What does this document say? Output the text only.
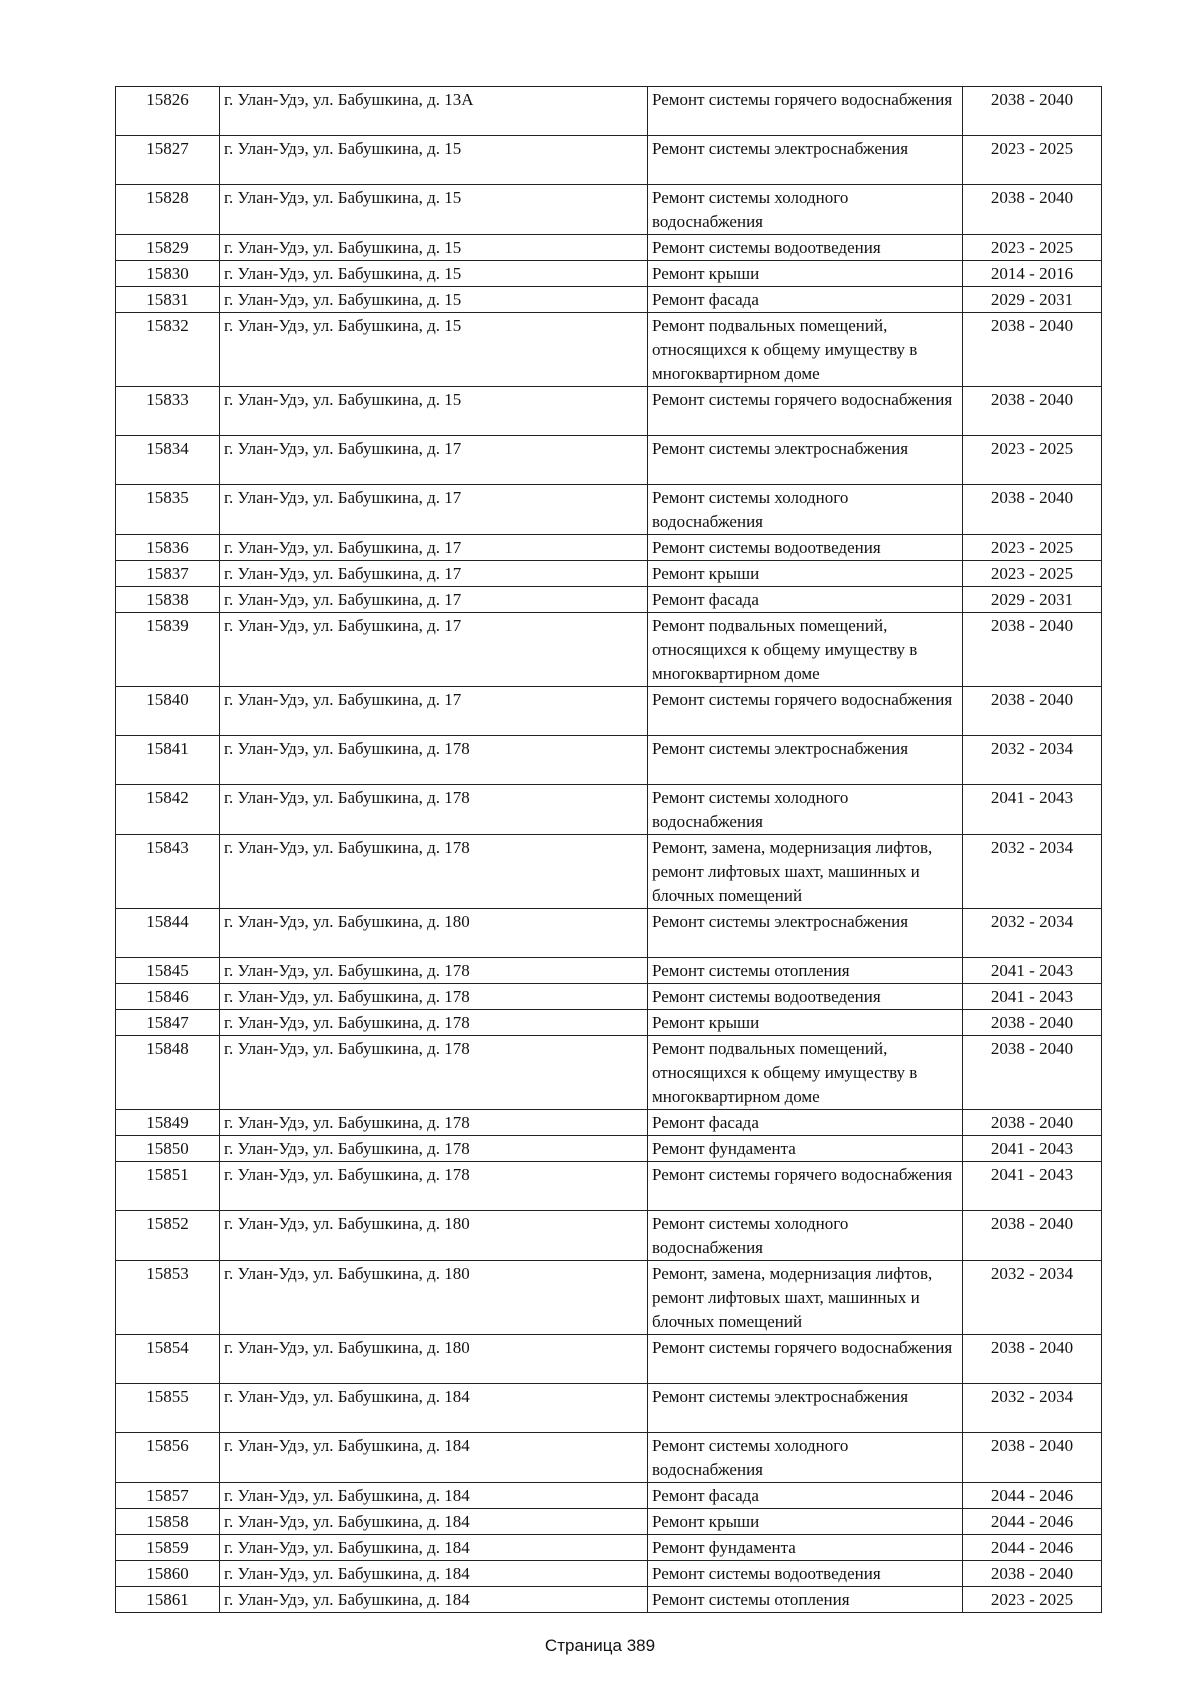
15826	г. Улан-Удэ, ул. Бабушкина, д. 13А	Ремонт системы горячего водоснабжения	2038 - 2040
15827	г. Улан-Удэ, ул. Бабушкина, д. 15	Ремонт системы электроснабжения	2023 - 2025
15828	г. Улан-Удэ, ул. Бабушкина, д. 15	Ремонт системы холодного водоснабжения	2038 - 2040
15829	г. Улан-Удэ, ул. Бабушкина, д. 15	Ремонт системы водоотведения	2023 - 2025
15830	г. Улан-Удэ, ул. Бабушкина, д. 15	Ремонт крыши	2014 - 2016
15831	г. Улан-Удэ, ул. Бабушкина, д. 15	Ремонт фасада	2029 - 2031
15832	г. Улан-Удэ, ул. Бабушкина, д. 15	Ремонт подвальных помещений, относящихся к общему имуществу в многоквартирном доме	2038 - 2040
15833	г. Улан-Удэ, ул. Бабушкина, д. 15	Ремонт системы горячего водоснабжения	2038 - 2040
15834	г. Улан-Удэ, ул. Бабушкина, д. 17	Ремонт системы электроснабжения	2023 - 2025
15835	г. Улан-Удэ, ул. Бабушкина, д. 17	Ремонт системы холодного водоснабжения	2038 - 2040
15836	г. Улан-Удэ, ул. Бабушкина, д. 17	Ремонт системы водоотведения	2023 - 2025
15837	г. Улан-Удэ, ул. Бабушкина, д. 17	Ремонт крыши	2023 - 2025
15838	г. Улан-Удэ, ул. Бабушкина, д. 17	Ремонт фасада	2029 - 2031
15839	г. Улан-Удэ, ул. Бабушкина, д. 17	Ремонт подвальных помещений, относящихся к общему имуществу в многоквартирном доме	2038 - 2040
15840	г. Улан-Удэ, ул. Бабушкина, д. 17	Ремонт системы горячего водоснабжения	2038 - 2040
15841	г. Улан-Удэ, ул. Бабушкина, д. 178	Ремонт системы электроснабжения	2032 - 2034
15842	г. Улан-Удэ, ул. Бабушкина, д. 178	Ремонт системы холодного водоснабжения	2041 - 2043
15843	г. Улан-Удэ, ул. Бабушкина, д. 178	Ремонт, замена, модернизация лифтов, ремонт лифтовых шахт, машинных и блочных помещений	2032 - 2034
15844	г. Улан-Удэ, ул. Бабушкина, д. 180	Ремонт системы электроснабжения	2032 - 2034
15845	г. Улан-Удэ, ул. Бабушкина, д. 178	Ремонт системы отопления	2041 - 2043
15846	г. Улан-Удэ, ул. Бабушкина, д. 178	Ремонт системы водоотведения	2041 - 2043
15847	г. Улан-Удэ, ул. Бабушкина, д. 178	Ремонт крыши	2038 - 2040
15848	г. Улан-Удэ, ул. Бабушкина, д. 178	Ремонт подвальных помещений, относящихся к общему имуществу в многоквартирном доме	2038 - 2040
15849	г. Улан-Удэ, ул. Бабушкина, д. 178	Ремонт фасада	2038 - 2040
15850	г. Улан-Удэ, ул. Бабушкина, д. 178	Ремонт фундамента	2041 - 2043
15851	г. Улан-Удэ, ул. Бабушкина, д. 178	Ремонт системы горячего водоснабжения	2041 - 2043
15852	г. Улан-Удэ, ул. Бабушкина, д. 180	Ремонт системы холодного водоснабжения	2038 - 2040
15853	г. Улан-Удэ, ул. Бабушкина, д. 180	Ремонт, замена, модернизация лифтов, ремонт лифтовых шахт, машинных и блочных помещений	2032 - 2034
15854	г. Улан-Удэ, ул. Бабушкина, д. 180	Ремонт системы горячего водоснабжения	2038 - 2040
15855	г. Улан-Удэ, ул. Бабушкина, д. 184	Ремонт системы электроснабжения	2032 - 2034
15856	г. Улан-Удэ, ул. Бабушкина, д. 184	Ремонт системы холодного водоснабжения	2038 - 2040
15857	г. Улан-Удэ, ул. Бабушкина, д. 184	Ремонт фасада	2044 - 2046
15858	г. Улан-Удэ, ул. Бабушкина, д. 184	Ремонт крыши	2044 - 2046
15859	г. Улан-Удэ, ул. Бабушкина, д. 184	Ремонт фундамента	2044 - 2046
15860	г. Улан-Удэ, ул. Бабушкина, д. 184	Ремонт системы водоотведения	2038 - 2040
15861	г. Улан-Удэ, ул. Бабушкина, д. 184	Ремонт системы отопления	2023 - 2025
Страница 389
